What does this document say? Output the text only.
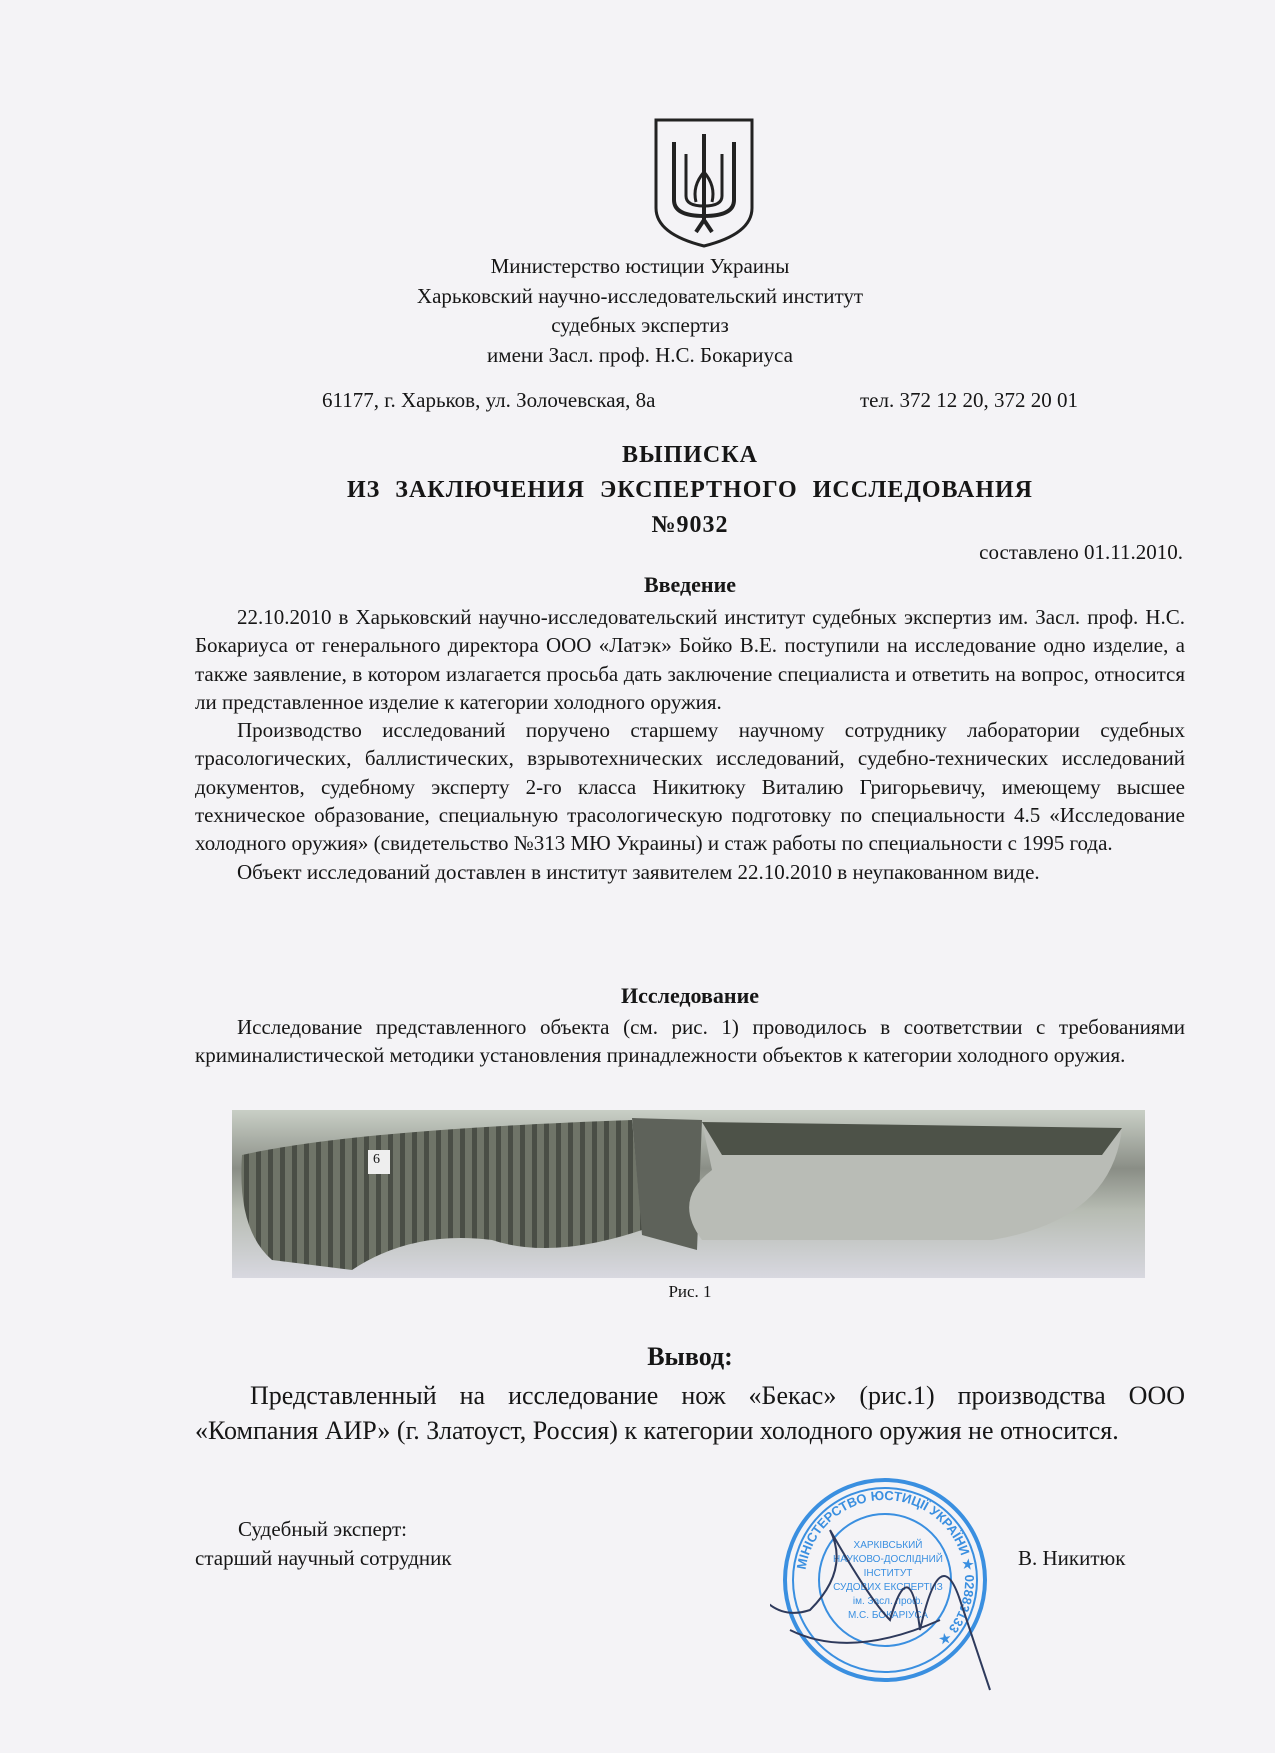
Министерство юстиции Украины
Харьковский научно-исследовательский институт
судебных экспертиз
имени Засл. проф. Н.С. Бокариуса
61177, г. Харьков, ул. Золочевская, 8а	тел. 372 12 20, 372 20 01
ВЫПИСКА
ИЗ ЗАКЛЮЧЕНИЯ ЭКСПЕРТНОГО ИССЛЕДОВАНИЯ
№9032
составлено 01.11.2010.
Введение

22.10.2010 в Харьковский научно-исследовательский институт судебных экспертиз им. Засл. проф. Н.С. Бокариуса от генерального директора ООО «Латэк» Бойко В.Е. поступили на исследование одно изделие, а также заявление, в котором излагается просьба дать заключение специалиста и ответить на вопрос, относится ли представленное изделие к категории холодного оружия.

Производство исследований поручено старшему научному сотруднику лаборатории судебных трасологических, баллистических, взрывотехнических исследований, судебно-технических исследований документов, судебному эксперту 2-го класса Никитюку Виталию Григорьевичу, имеющему высшее техническое образование, специальную трасологическую подготовку по специальности 4.5 «Исследование холодного оружия» (свидетельство №313 МЮ Украины) и стаж работы по специальности с 1995 года.

Объект исследований доставлен в институт заявителем 22.10.2010 в неупакованном виде.

Исследование

Исследование представленного объекта (см. рис. 1) проводилось в соответствии с требованиями криминалистической методики установления принадлежности объектов к категории холодного оружия.

6
Рис. 1
Вывод:

Представленный на исследование нож «Бекас» (рис.1) производства ООО «Компания АИР» (г. Златоуст, Россия) к категории холодного оружия не относится.

Судебный эксперт:
старший научный сотрудник	В. Никитюк
МІНІСТЕРСТВО ЮСТИЦІЇ УКРАЇНИ ★ 02883133 ★
ХАРКІВСЬКИЙ
НАУКОВО-ДОСЛІДНИЙ
ІНСТИТУТ
СУДОВИХ ЕКСПЕРТИЗ
ім. Засл. проф.
М.С. БОКАРІУСА
